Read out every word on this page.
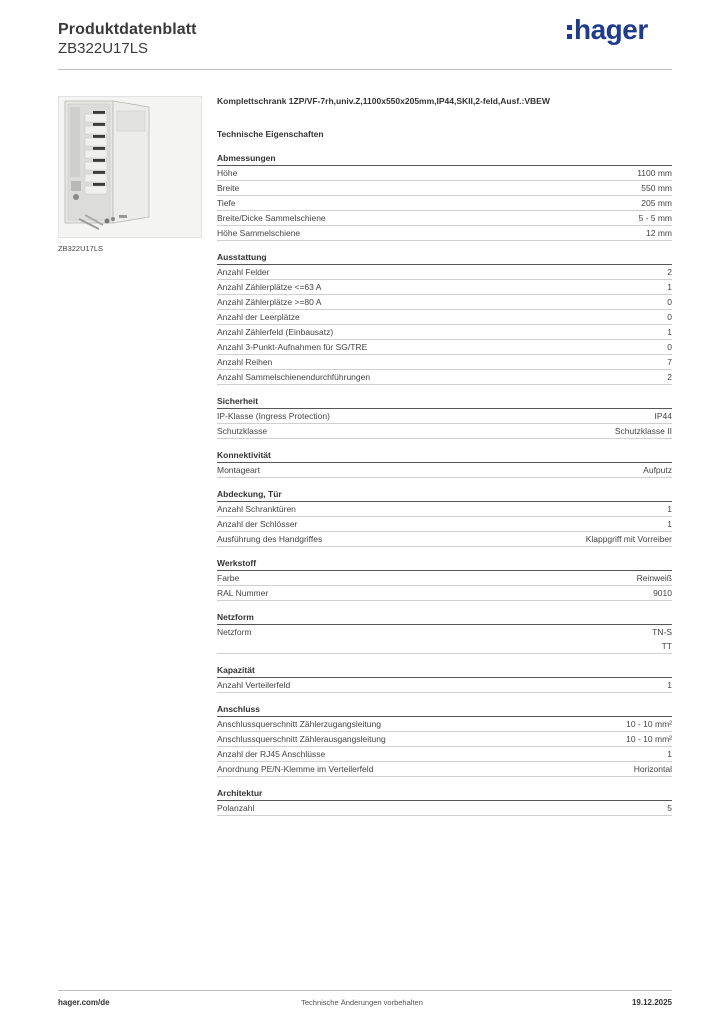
Produktdatenblatt
ZB322U17LS
hager
ZB322U17LS
Komplettschrank 1ZP/VF-7rh,univ.Z,1100x550x205mm,IP44,SKII,2-feld,Ausf.:VBEW
Technische Eigenschaften
Abmessungen
Höhe	1100 mm
Breite	550 mm
Tiefe	205 mm
Breite/Dicke Sammelschiene	5 - 5 mm
Höhe Sammelschiene	12 mm
Ausstattung
Anzahl Felder	2
Anzahl Zählerplätze <=63 A	1
Anzahl Zählerplätze >=80 A	0
Anzahl der Leerplätze	0
Anzahl Zählerfeld (Einbausatz)	1
Anzahl 3-Punkt-Aufnahmen für SG/TRE	0
Anzahl Reihen	7
Anzahl Sammelschienendurchführungen	2
Sicherheit
IP-Klasse (Ingress Protection)	IP44
Schutzklasse	Schutzklasse II
Konnektivität
Montageart	Aufputz
Abdeckung, Tür
Anzahl Schranktüren	1
Anzahl der Schlösser	1
Ausführung des Handgriffes	Klappgriff mit Vorreiber
Werkstoff
Farbe	Reinweiß
RAL Nummer	9010
Netzform
Netzform	TN-S
TT
Kapazität
Anzahl Verteilerfeld	1
Anschluss
Anschlussquerschnitt Zählerzugangsleitung	10 - 10 mm²
Anschlussquerschnitt Zählerausgangsleitung	10 - 10 mm²
Anzahl der RJ45 Anschlüsse	1
Anordnung PE/N-Klemme im Verteilerfeld	Horizontal
Architektur
Polanzahl	5
hager.com/de	Technische Änderungen vorbehalten	19.12.2025
